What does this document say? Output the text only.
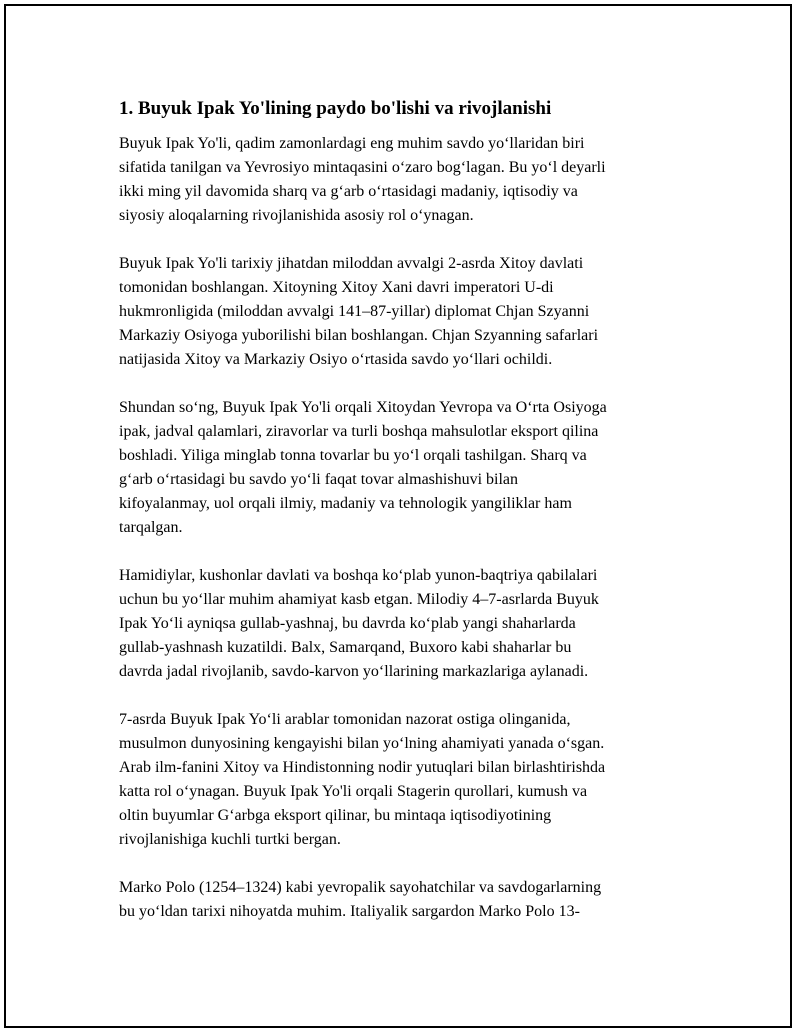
1. Buyuk Ipak Yo'lining paydo bo'lishi va rivojlanishi

Buyuk Ipak Yo'li, qadim zamonlardagi eng muhim savdo yo‘llaridan biri
sifatida tanilgan va Yevrosiyo mintaqasini o‘zaro bog‘lagan. Bu yo‘l deyarli
ikki ming yil davomida sharq va g‘arb o‘rtasidagi madaniy, iqtisodiy va
siyosiy aloqalarning rivojlanishida asosiy rol o‘ynagan.

Buyuk Ipak Yo'li tarixiy jihatdan miloddan avvalgi 2-asrda Xitoy davlati
tomonidan boshlangan. Xitoyning Xitoy Xani davri imperatori U-di
hukmronligida (miloddan avvalgi 141–87-yillar) diplomat Chjan Szyanni
Markaziy Osiyoga yuborilishi bilan boshlangan. Chjan Szyanning safarlari
natijasida Xitoy va Markaziy Osiyo o‘rtasida savdo yo‘llari ochildi.

Shundan so‘ng, Buyuk Ipak Yo'li orqali Xitoydan Yevropa va O‘rta Osiyoga
ipak, jadval qalamlari, ziravorlar va turli boshqa mahsulotlar eksport qilina
boshladi. Yiliga minglab tonna tovarlar bu yo‘l orqali tashilgan. Sharq va
g‘arb o‘rtasidagi bu savdo yo‘li faqat tovar almashishuvi bilan
kifoyalanmay, uol orqali ilmiy, madaniy va tehnologik yangiliklar ham
tarqalgan.

Hamidiylar, kushonlar davlati va boshqa ko‘plab yunon-baqtriya qabilalari
uchun bu yo‘llar muhim ahamiyat kasb etgan. Milodiy 4–7-asrlarda Buyuk
Ipak Yo‘li ayniqsa gullab-yashnaj, bu davrda ko‘plab yangi shaharlarda
gullab-yashnash kuzatildi. Balx, Samarqand, Buxoro kabi shaharlar bu
davrda jadal rivojlanib, savdo-karvon yo‘llarining markazlariga aylanadi.

7-asrda Buyuk Ipak Yo‘li arablar tomonidan nazorat ostiga olinganida,
musulmon dunyosining kengayishi bilan yo‘lning ahamiyati yanada o‘sgan.
Arab ilm-fanini Xitoy va Hindistonning nodir yutuqlari bilan birlashtirishda
katta rol o‘ynagan. Buyuk Ipak Yo'li orqali Stagerin qurollari, kumush va
oltin buyumlar G‘arbga eksport qilinar, bu mintaqa iqtisodiyotining
rivojlanishiga kuchli turtki bergan.

Marko Polo (1254–1324) kabi yevropalik sayohatchilar va savdogarlarning
bu yo‘ldan tarixi nihoyatda muhim. Italiyalik sargardon Marko Polo 13-
